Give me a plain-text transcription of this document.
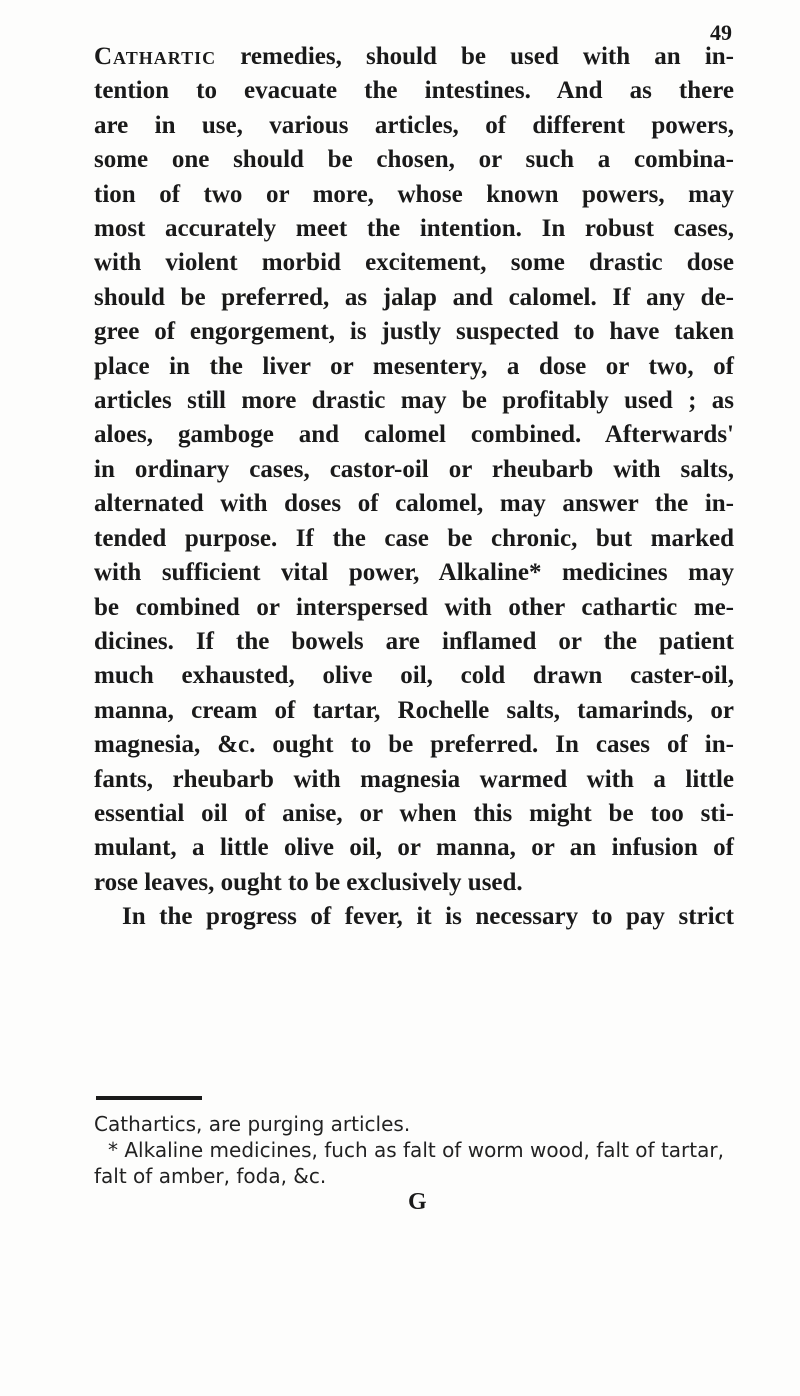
49
Cathartic remedies, should be used with an in-
tention to evacuate the intestines. And as there
are in use, various articles, of different powers,
some one should be chosen, or such a combina-
tion of two or more, whose known powers, may
most accurately meet the intention. In robust cases,
with violent morbid excitement, some drastic dose
should be preferred, as jalap and calomel. If any de-
gree of engorgement, is justly suspected to have taken
place in the liver or mesentery, a dose or two, of
articles still more drastic may be profitably used ; as
aloes, gamboge and calomel combined. Afterwards'
in ordinary cases, castor-oil or rheubarb with salts,
alternated with doses of calomel, may answer the in-
tended purpose. If the case be chronic, but marked
with sufficient vital power, Alkaline* medicines may
be combined or interspersed with other cathartic me-
dicines. If the bowels are inflamed or the patient
much exhausted, olive oil, cold drawn caster-oil,
manna, cream of tartar, Rochelle salts, tamarinds, or
magnesia, &c. ought to be preferred. In cases of in-
fants, rheubarb with magnesia warmed with a little
essential oil of anise, or when this might be too sti-
mulant, a little olive oil, or manna, or an infusion of
rose leaves, ought to be exclusively used.
In the progress of fever, it is necessary to pay strict
Cathartics, are purging articles.
* Alkaline medicines, fuch as falt of worm wood, falt of tartar,
falt of amber, foda, &c.
G
